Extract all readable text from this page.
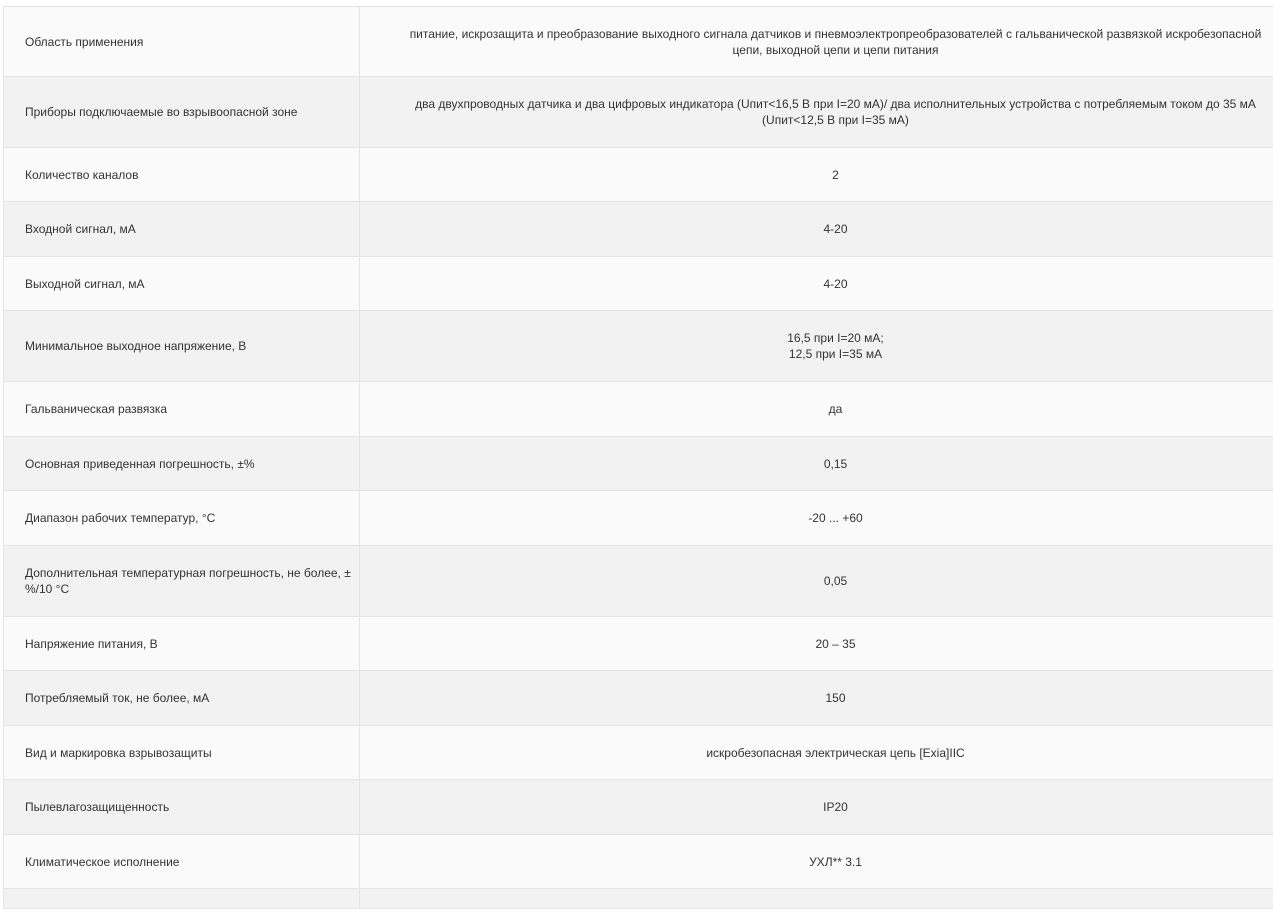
Область применения	питание, искрозащита и преобразование выходного сигнала датчиков и пневмоэлектропреобразователей с гальванической развязкой искробезопасной
цепи, выходной цепи и цепи питания

Приборы подключаемые во взрывоопасной зоне	два двухпроводных датчика и два цифровых индикатора (Uпит<16,5 В при I=20 мА)/ два исполнительных устройства с потребляемым током до 35 мА
(Uпит<12,5 В при I=35 мА)

Количество каналов	2

Входной сигнал, мА	4-20

Выходной сигнал, мА	4-20

Минимальное выходное напряжение, В	16,5 при I=20 мА;
12,5 при I=35 мА

Гальваническая развязка	да

Основная приведенная погрешность, ±%	0,15

Диапазон рабочих температур, °С	-20 ... +60

Дополнительная температурная погрешность, не более, ±%/10 °С	0,05

Напряжение питания, В	20 – 35

Потребляемый ток, не более, мА	150

Вид и маркировка взрывозащиты	искробезопасная электрическая цепь [Exia]IIC

Пылевлагозащищенность	IP20

Климатическое исполнение	УХЛ** 3.1
